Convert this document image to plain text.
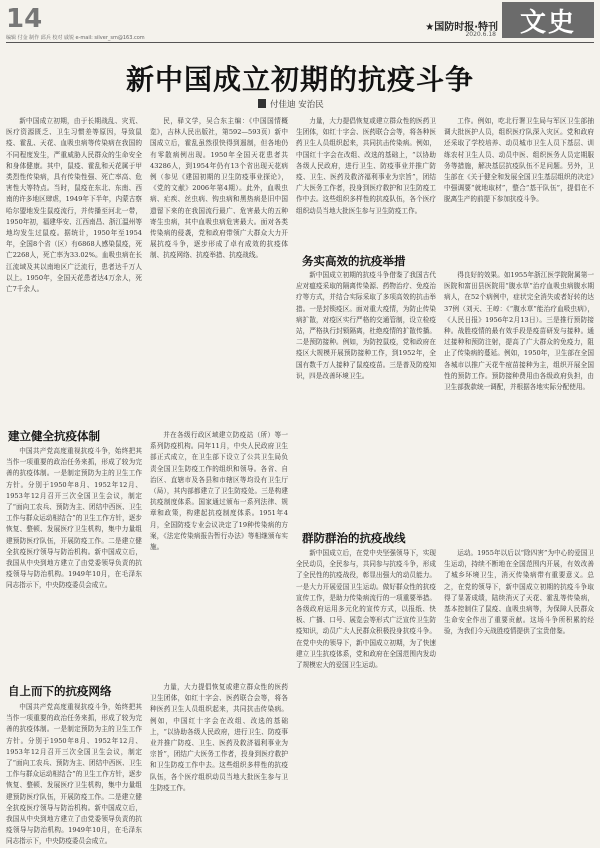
14
编辑 付金 制作 邱兵 校对 戚锐 e-mail: silver_sm@163.com
★国防时报·特刊
2020.6.18 文史
新中国成立初期的抗疫斗争
付佳迪 安治民

新中国成立初期，由于长期战乱、灾荒、医疗资源匮乏、卫生习惯差等原因，导致鼠疫、霍乱、天花、血吸虫病等传染病在我国的不同程度发生，严重威胁人民群众的生命安全和身体健康。其中，鼠疫、霍乱和天花属于甲类烈性传染病，具有传染性强、死亡率高、危害性大等特点。当时，鼠疫在东北、东南、西南的许多地区肆虐，1949年下半年，内蒙古察哈尔盟地发生鼠疫流行，并传播至河北一带，1950年初，福建华安、江西南昌、浙江温州等地均发生过鼠疫。据统计，1950年至1954年，全国8个省（区）有6868人感染鼠疫，死亡2268人，死亡率为33.02%。血吸虫病在长江流域及其以南地区广泛流行，患者达千万人以上。1950年，全国天花患者达4万余人，死亡7千余人。

民，驿文学，吴合东主编：《中国国情概览》，吉林人民出版社，第592—593页）新中国成立后，霍乱虽然很快得到遏制，但各地仍有零散病例出现。1950年全国天花患者共43286人，到1954年仍有13个省出现天花病例（参见《建国初期的卫生防疫事业探论》，《党的文献》2006年第4期）。此外，血吸虫病、疟疾、丝虫病、钩虫病和黑热病是旧中国遗留下来的在我国流行最广、危害最大的五种寄生虫病，其中血吸虫病危害最大。面对各类传染病的侵袭，党和政府带领广大群众大力开展抗疫斗争，逐步形成了卓有成效的抗疫体制、抗疫网络、抗疫举措、抗疫战线。

力量，大力提倡恢复或建立群众性的医药卫生团体，如红十字会、医药联合会等，将各种医药卫生人员组织起来，共同抗击传染病。例如，中国红十字会在改组、改选的基础上，“以协助各级人民政府，进行卫生、防疫事业并推广防疫、卫生、医药及救济福利事业为宗旨”，团结广大医务工作者，投身到医疗救护和卫生防疫工作中去。这些组织多样性的抗疫队伍，各个医疗组织动员当地大批医生参与卫生防疫工作。

工作。例如，吃北行署卫生局与军区卫生部抽调大批医护人员，组织医疗队深入灾区。党和政府还采取了学校培养、动员城市卫生人员下基层、训练农村卫生人员、动员中医、组织医务人员定期服务等措施，解决基层抗疫队伍不足问题。另外，卫生部在《关于健全和发展全国卫生基层组织的决定》中强调要“就地取材”，整合“基干队伍”，提倡在不脱离生产的前提下参加抗疫斗争。

务实高效的抗疫举措

新中国成立初期的抗疫斗争借鉴了我国古代应对瘟疫采取的隔离传染源、药物治疗、免疫治疗等方式，并结合实际采取了多项高效的抗击举措。一是封锁疫区。面对重大疫情，为防止传染病扩散，对疫区实行严格的交通管制，设立检疫站，严格执行封锁隔离，杜绝疫情的扩散传播。二是预防接种。例如，为防控鼠疫，党和政府在疫区大规模开展预防接种工作，到1952年，全国有数千万人接种了鼠疫疫苗。三是普及防疫知识，四是改善环境卫生。

得良好的效果。如1955年浙江医学院附属第一医院和富田县医院用“腹水草”治疗血吸虫病腹水期病人，在52个病例中，症状完全消失或者好转的达37例（刘天、王崞：《“腹水草”能治疗血吸虫病》，《人民日报》1956年2月13日）。三是推行预防接种。战胜疫情的最有效手段是疫苗研发与接种。通过接种和预防注射，提高了广大群众的免疫力，阻止了传染病的蔓延。例如，1950年，卫生部在全国各城市以推广天花牛痘苗接种为主，组织开展全国性的预防工作。预防接种费用由各级政府负担，由卫生部拨款统一调配，并根据各地实际分配使用。

建立健全抗疫体制

中国共产党高度重视抗疫斗争，始终把其当作一项重要的政治任务来抓，形成了较为完善的抗疫体制。一是制定预防为主的卫生工作方针。分别于1950年8月、1952年12月、1953年12月召开三次全国卫生会议，制定了“面向工农兵、预防为主、团结中西医、卫生工作与群众运动相结合”的卫生工作方针，逐步恢复、整顿、发展医疗卫生机构，集中力量组建预防医疗队伍，开展防疫工作。二是建立健全抗疫医疗领导与防治机构。新中国成立后，我国从中央到地方建立了由党委领导负责的抗疫领导与防治机构。1949年10月，在毛泽东同志指示下，中央防疫委员会成立。

并在各级行政区域建立防疫站（所）等一系列防疫机构。同年11月，中央人民政府卫生部正式成立，在卫生部下设立了公共卫生局负责全国卫生防疫工作的组织和领导。各省、自治区、直辖市及各县和市辖区等均设有卫生厅（局），其内部都建立了卫生防疫处。三是构建抗疫制度体系。国家通过颁布一系列法律、规章和政策，构建起抗疫制度体系。1951年4月，全国防疫专业会议决定了19种传染病的方案，《法定传染病报告暂行办法》等相继颁布实施。

群防群治的抗疫战线

新中国成立后，在党中央坚强领导下，实现全民动员，全民参与，共同参与抗疫斗争，形成了全民性的抗疫战役，彰显出强大的动员能力。一是大力开展爱国卫生运动。做好群众性的抗疫宣传工作，是助力传染病流行的一项重要举措。各级政府运用多元化的宣传方式，以报纸、快板、广播、口号、展览会等形式广泛宣传卫生防疫知识，动员广大人民群众积极投身抗疫斗争。在党中央的领导下，新中国成立初期，为了快速建立卫生抗疫体系，党和政府在全国范围内发动了规模宏大的爱国卫生运动。

运动。1955年以后以“除四害”为中心的爱国卫生运动，持续不断地在全国范围内开展，有效改善了城乡环境卫生，消灭传染病带有重要意义。总之，在党的领导下，新中国成立初期的抗疫斗争取得了显著成绩，陆续消灭了天花、霍乱等传染病，基本控制住了鼠疫、血吸虫病等，为保障人民群众生命安全作出了重要贡献。这场斗争所积累的经验，为我们今天战胜疫情提供了宝贵借鉴。

自上而下的抗疫网络

中国共产党高度重视抗疫斗争，始终把其当作一项重要的政治任务来抓，形成了较为完善的抗疫体制。一是制定预防为主的卫生工作方针。分别于1950年8月、1952年12月、1953年12月召开三次全国卫生会议，制定了“面向工农兵、预防为主、团结中西医、卫生工作与群众运动相结合”的卫生工作方针，逐步恢复、整顿、发展医疗卫生机构，集中力量组建预防医疗队伍，开展防疫工作。二是建立健全抗疫医疗领导与防治机构。新中国成立后，我国从中央到地方建立了由党委领导负责的抗疫领导与防治机构。1949年10月，在毛泽东同志指示下，中央防疫委员会成立。

力量，大力提倡恢复或建立群众性的医药卫生团体，如红十字会、医药联合会等，将各种医药卫生人员组织起来，共同抗击传染病。例如，中国红十字会在改组、改选的基础上，“以协助各级人民政府，进行卫生、防疫事业并推广防疫、卫生、医药及救济福利事业为宗旨”，团结广大医务工作者，投身到医疗救护和卫生防疫工作中去。这些组织多样性的抗疫队伍，各个医疗组织动员当地大批医生参与卫生防疫工作。
